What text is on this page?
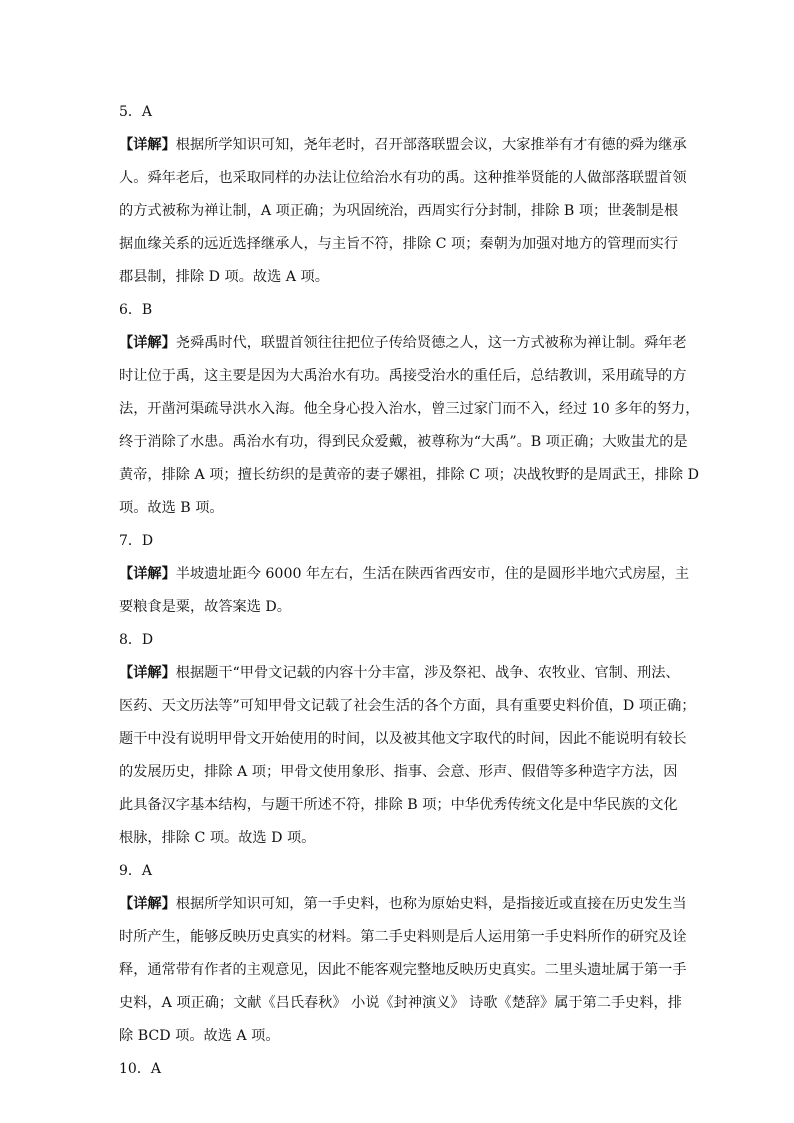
5．A
【详解】根据所学知识可知，尧年老时，召开部落联盟会议，大家推举有才有德的舜为继承
人。舜年老后，也采取同样的办法让位给治水有功的禹。这种推举贤能的人做部落联盟首领
的方式被称为禅让制，A 项正确；为巩固统治，西周实行分封制，排除 B 项；世袭制是根
据血缘关系的远近选择继承人，与主旨不符，排除 C 项；秦朝为加强对地方的管理而实行
郡县制，排除 D 项。故选 A 项。
6．B
【详解】尧舜禹时代，联盟首领往往把位子传给贤德之人，这一方式被称为禅让制。舜年老
时让位于禹，这主要是因为大禹治水有功。禹接受治水的重任后，总结教训，采用疏导的方
法，开凿河渠疏导洪水入海。他全身心投入治水，曾三过家门而不入，经过 10 多年的努力，
终于消除了水患。禹治水有功，得到民众爱戴，被尊称为“大禹”。B 项正确；大败蚩尤的是
黄帝，排除 A 项；擅长纺织的是黄帝的妻子嫘祖，排除 C 项；决战牧野的是周武王，排除 D
项。故选 B 项。
7．D
【详解】半坡遗址距今 6000 年左右，生活在陕西省西安市，住的是圆形半地穴式房屋，主
要粮食是粟，故答案选 D。
8．D
【详解】根据题干“甲骨文记载的内容十分丰富，涉及祭祀、战争、农牧业、官制、刑法、
医药、天文历法等”可知甲骨文记载了社会生活的各个方面，具有重要史料价值，D 项正确；
题干中没有说明甲骨文开始使用的时间，以及被其他文字取代的时间，因此不能说明有较长
的发展历史，排除 A 项；甲骨文使用象形、指事、会意、形声、假借等多种造字方法，因
此具备汉字基本结构，与题干所述不符，排除 B 项；中华优秀传统文化是中华民族的文化
根脉，排除 C 项。故选 D 项。
9．A
【详解】根据所学知识可知，第一手史料，也称为原始史料，是指接近或直接在历史发生当
时所产生，能够反映历史真实的材料。第二手史料则是后人运用第一手史料所作的研究及诠
释，通常带有作者的主观意见，因此不能客观完整地反映历史真实。二里头遗址属于第一手
史料，A 项正确；文献《吕氏春秋》 小说《封神演义》 诗歌《楚辞》属于第二手史料，排
除 BCD 项。故选 A 项。
10．A
